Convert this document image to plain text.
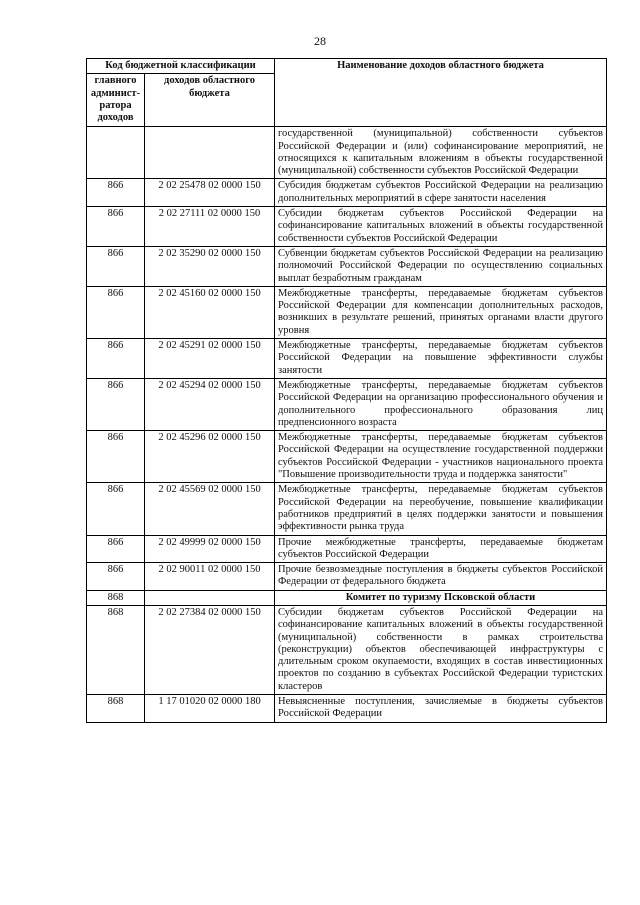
28
Код бюджетной классификации		Наименование доходов областного бюджета
главного админист-ратора доходов	доходов областного бюджета	
		государственной (муниципальной) собственности субъектов Российской Федерации и (или) софинансирование мероприятий, не относящихся к капитальным вложениям в объекты государственной (муниципальной) собственности субъектов Российской Федерации
866	2 02 25478 02 0000 150	Субсидия бюджетам субъектов Российской Федерации на реализацию дополнительных мероприятий в сфере занятости населения
866	2 02 27111 02 0000 150	Субсидии бюджетам субъектов Российской Федерации на софинансирование капитальных вложений в объекты государственной собственности субъектов Российской Федерации
866	2 02 35290 02 0000 150	Субвенции бюджетам субъектов Российской Федерации на реализацию полномочий Российской Федерации по осуществлению социальных выплат безработным гражданам
866	2 02 45160 02 0000 150	Межбюджетные трансферты, передаваемые бюджетам субъектов Российской Федерации для компенсации дополнительных расходов, возникших в результате решений, принятых органами власти другого уровня
866	2 02 45291 02 0000 150	Межбюджетные трансферты, передаваемые бюджетам субъектов Российской Федерации на повышение эффективности службы занятости
866	2 02 45294 02 0000 150	Межбюджетные трансферты, передаваемые бюджетам субъектов Российской Федерации на организацию профессионального обучения и дополнительного профессионального образования лиц предпенсионного возраста
866	2 02 45296 02 0000 150	Межбюджетные трансферты, передаваемые бюджетам субъектов Российской Федерации на осуществление государственной поддержки субъектов Российской Федерации - участников национального проекта "Повышение производительности труда и поддержка занятости"
866	2 02 45569 02 0000 150	Межбюджетные трансферты, передаваемые бюджетам субъектов Российской Федерации на переобучение, повышение квалификации работников предприятий в целях поддержки занятости и повышения эффективности рынка труда
866	2 02 49999 02 0000 150	Прочие межбюджетные трансферты, передаваемые бюджетам субъектов Российской Федерации
866	2 02 90011 02 0000 150	Прочие безвозмездные поступления в бюджеты субъектов Российской Федерации от федерального бюджета
868		Комитет по туризму Псковской области
868	2 02 27384 02 0000 150	Субсидии бюджетам субъектов Российской Федерации на софинансирование капитальных вложений в объекты государственной (муниципальной) собственности в рамках строительства (реконструкции) объектов обеспечивающей инфраструктуры с длительным сроком окупаемости, входящих в состав инвестиционных проектов по созданию в субъектах Российской Федерации туристских кластеров
868	1 17 01020 02 0000 180	Невыясненные поступления, зачисляемые в бюджеты субъектов Российской Федерации
